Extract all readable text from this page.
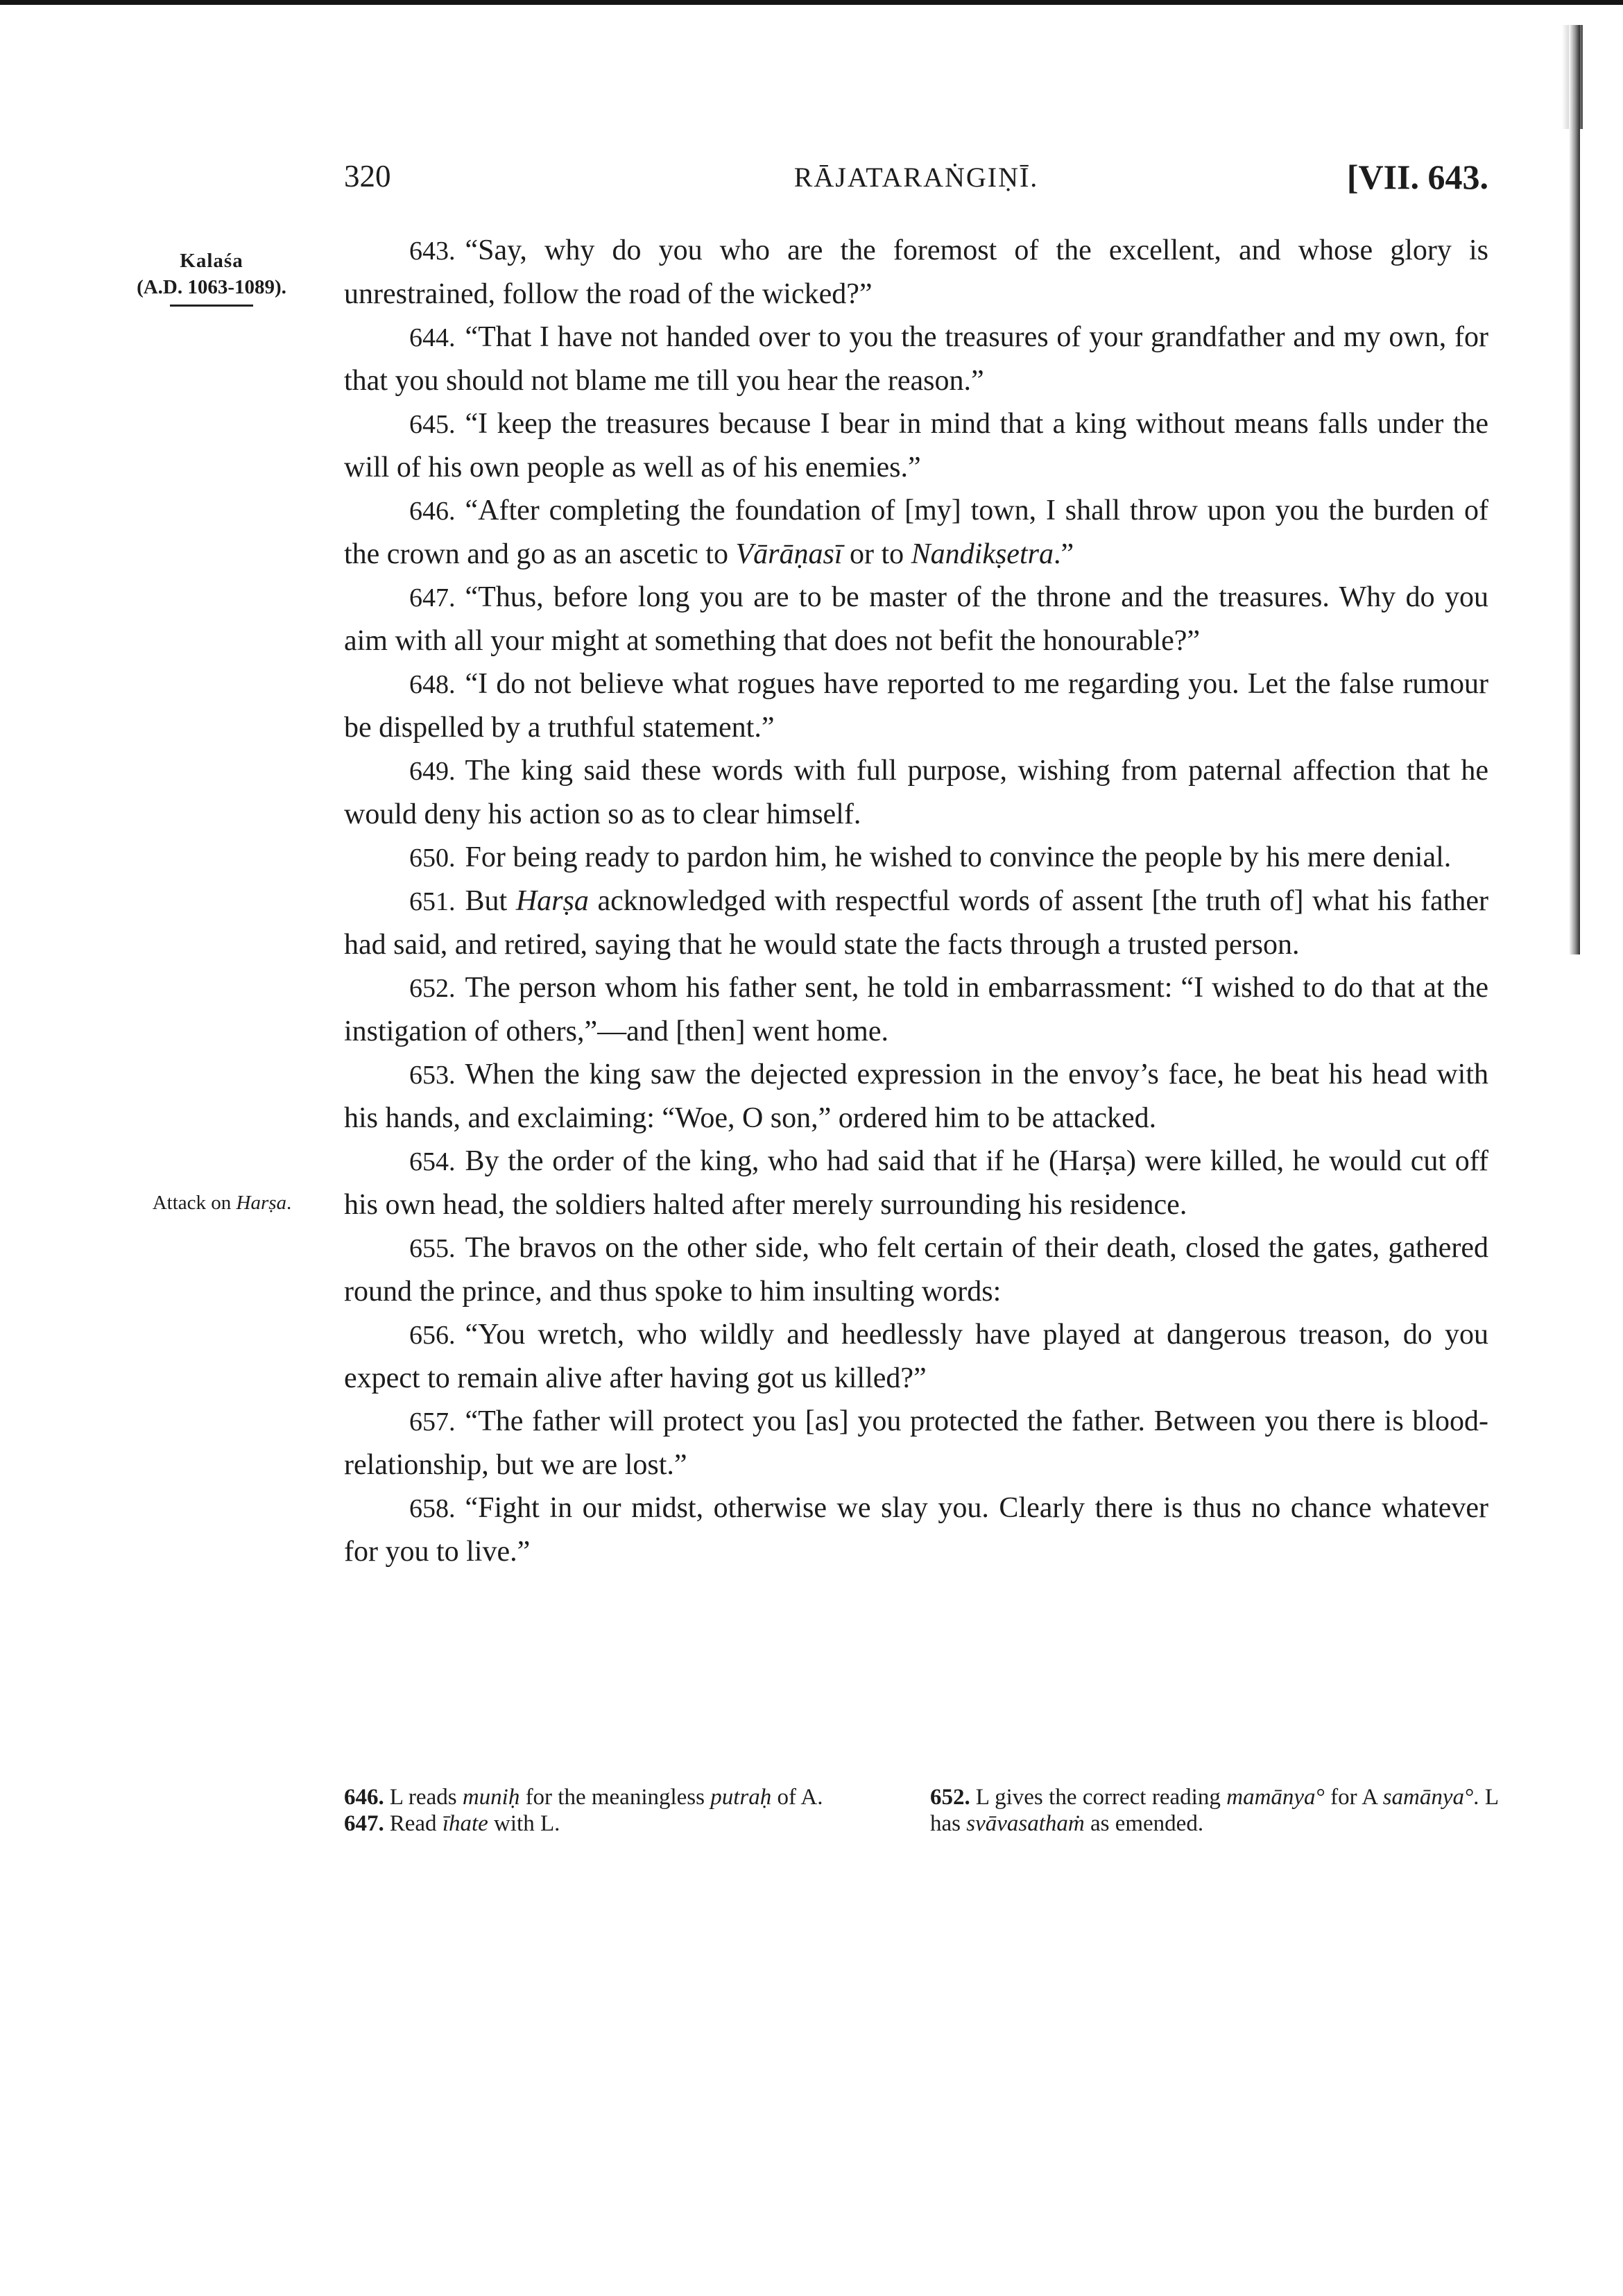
320	RĀJATARAṄGIṆĪ.	[VII. 643.
Kalaśa
(A.D. 1063-1089).
Attack on Harṣa.

643. “Say, why do you who are the foremost of the excellent, and whose glory is unrestrained, follow the road of the wicked?”

644. “That I have not handed over to you the treasures of your grandfather and my own, for that you should not blame me till you hear the reason.”

645. “I keep the treasures because I bear in mind that a king without means falls under the will of his own people as well as of his enemies.”

646. “After completing the foundation of [my] town, I shall throw upon you the burden of the crown and go as an ascetic to Vārāṇasī or to Nandikṣetra.”

647. “Thus, before long you are to be master of the throne and the treasures. Why do you aim with all your might at something that does not befit the honourable?”

648. “I do not believe what rogues have reported to me regarding you. Let the false rumour be dispelled by a truthful statement.”

649. The king said these words with full purpose, wishing from paternal affection that he would deny his action so as to clear himself.

650. For being ready to pardon him, he wished to convince the people by his mere denial.

651. But Harṣa acknowledged with respectful words of assent [the truth of] what his father had said, and retired, saying that he would state the facts through a trusted person.

652. The person whom his father sent, he told in embarrassment: “I wished to do that at the instigation of others,”—and [then] went home.

653. When the king saw the dejected expression in the envoy’s face, he beat his head with his hands, and exclaiming: “Woe, O son,” ordered him to be attacked.

654. By the order of the king, who had said that if he (Harṣa) were killed, he would cut off his own head, the soldiers halted after merely surrounding his residence.

655. The bravos on the other side, who felt certain of their death, closed the gates, gathered round the prince, and thus spoke to him insulting words:

656. “You wretch, who wildly and heedlessly have played at dangerous treason, do you expect to remain alive after having got us killed?”

657. “The father will protect you [as] you protected the father. Between you there is blood-relationship, but we are lost.”

658. “Fight in our midst, otherwise we slay you. Clearly there is thus no chance whatever for you to live.”

646. L reads muniḥ for the meaningless putraḥ of A.

647. Read īhate with L.

652. L gives the correct reading mamānya° for A samānya°. L has svāvasathaṁ as emended.
